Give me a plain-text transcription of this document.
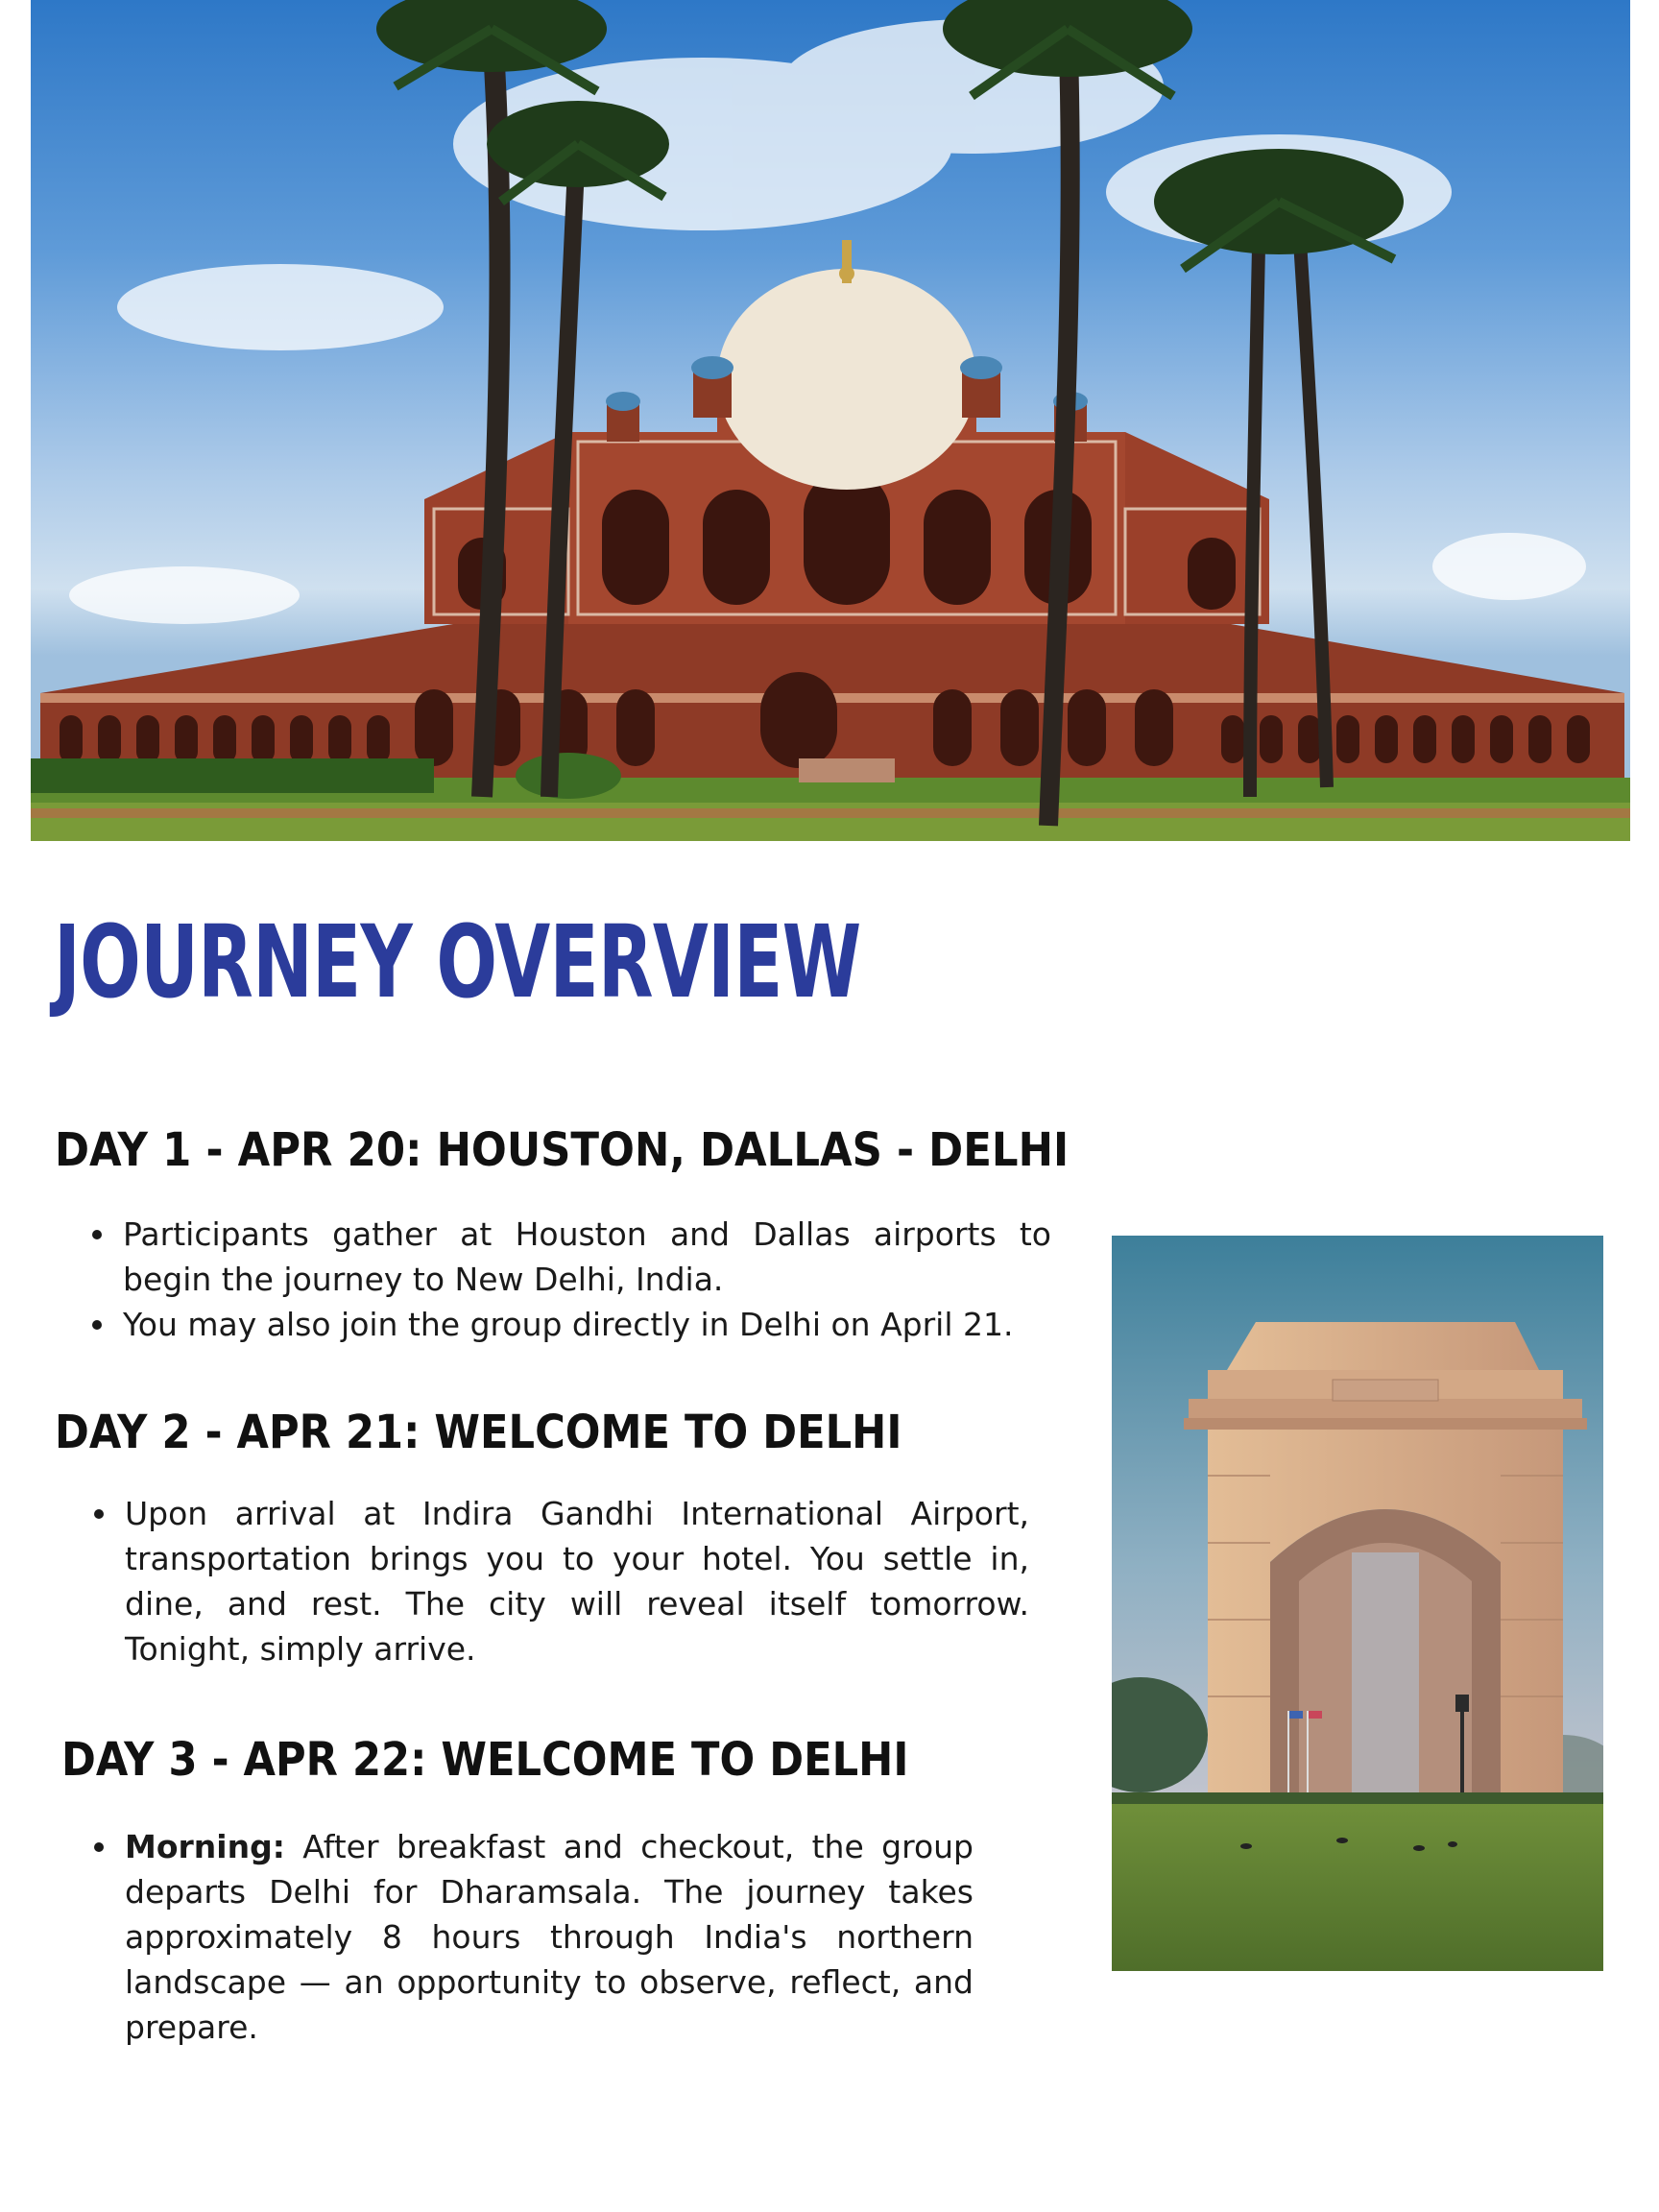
JOURNEY OVERVIEW
DAY 1 - APR 20: HOUSTON, DALLAS - DELHI
Participants gather at Houston and Dallas airports to begin the journey to New Delhi, India.
You may also join the group directly in Delhi on April 21.
DAY 2 - APR 21: WELCOME TO DELHI
Upon arrival at Indira Gandhi International Airport, transportation brings you to your hotel. You settle in, dine, and rest. The city will reveal itself tomorrow. Tonight, simply arrive.
DAY 3 - APR 22: WELCOME TO DELHI
Morning: After breakfast and checkout, the group departs Delhi for Dharamsala. The journey takes approximately 8 hours through India's northern landscape — an opportunity to observe, reflect, and prepare.
